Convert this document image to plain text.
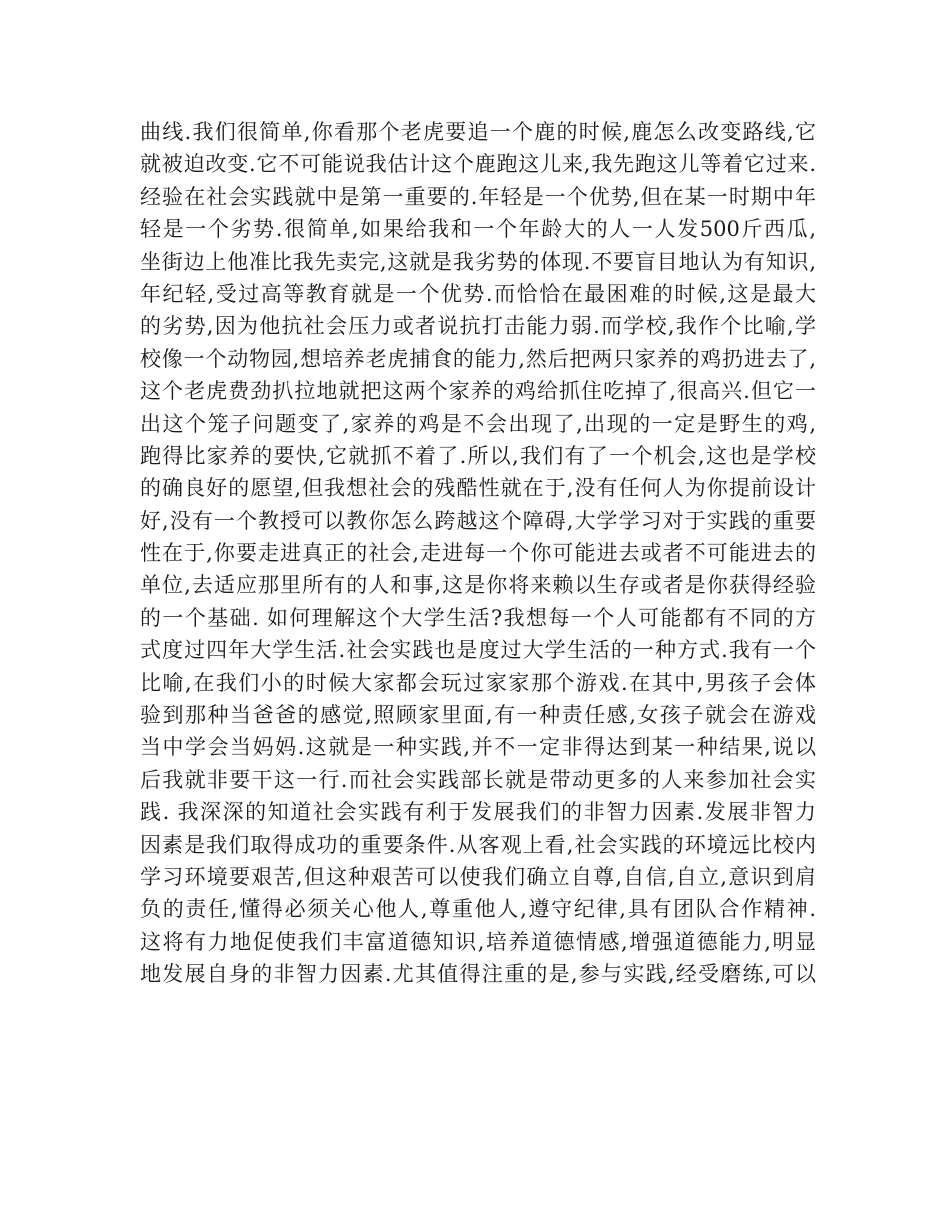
曲线.我们很简单,你看那个老虎要追一个鹿的时候,鹿怎么改变路线,它
就被迫改变.它不可能说我估计这个鹿跑这儿来,我先跑这儿等着它过来.
经验在社会实践就中是第一重要的.年轻是一个优势,但在某一时期中年
轻是一个劣势.很简单,如果给我和一个年龄大的人一人发500斤西瓜,
坐街边上他准比我先卖完,这就是我劣势的体现.不要盲目地认为有知识,
年纪轻,受过高等教育就是一个优势.而恰恰在最困难的时候,这是最大
的劣势,因为他抗社会压力或者说抗打击能力弱.而学校,我作个比喻,学
校像一个动物园,想培养老虎捕食的能力,然后把两只家养的鸡扔进去了,
这个老虎费劲扒拉地就把这两个家养的鸡给抓住吃掉了,很高兴.但它一
出这个笼子问题变了,家养的鸡是不会出现了,出现的一定是野生的鸡,
跑得比家养的要快,它就抓不着了.所以,我们有了一个机会,这也是学校
的确良好的愿望,但我想社会的残酷性就在于,没有任何人为你提前设计
好,没有一个教授可以教你怎么跨越这个障碍,大学学习对于实践的重要
性在于,你要走进真正的社会,走进每一个你可能进去或者不可能进去的
单位,去适应那里所有的人和事,这是你将来赖以生存或者是你获得经验
的一个基础. 如何理解这个大学生活?我想每一个人可能都有不同的方
式度过四年大学生活.社会实践也是度过大学生活的一种方式.我有一个
比喻,在我们小的时候大家都会玩过家家那个游戏.在其中,男孩子会体
验到那种当爸爸的感觉,照顾家里面,有一种责任感,女孩子就会在游戏
当中学会当妈妈.这就是一种实践,并不一定非得达到某一种结果,说以
后我就非要干这一行.而社会实践部长就是带动更多的人来参加社会实
践. 我深深的知道社会实践有利于发展我们的非智力因素.发展非智力
因素是我们取得成功的重要条件.从客观上看,社会实践的环境远比校内
学习环境要艰苦,但这种艰苦可以使我们确立自尊,自信,自立,意识到肩
负的责任,懂得必须关心他人,尊重他人,遵守纪律,具有团队合作精神.
这将有力地促使我们丰富道德知识,培养道德情感,增强道德能力,明显
地发展自身的非智力因素.尤其值得注重的是,参与实践,经受磨练,可以
